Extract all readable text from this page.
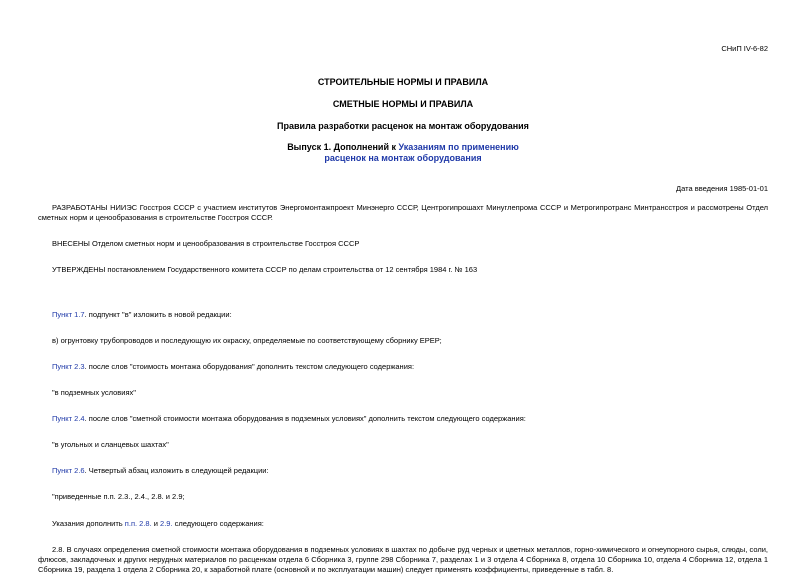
СНиП IV-6-82
СТРОИТЕЛЬНЫЕ НОРМЫ И ПРАВИЛА
СМЕТНЫЕ НОРМЫ И ПРАВИЛА
Правила разработки расценок на монтаж оборудования
Выпуск 1. Дополнений к Указаниям по применению
расценок на монтаж оборудования
Дата введения 1985-01-01

РАЗРАБОТАНЫ НИИЭС Госстроя СССР с участием институтов Энергомонтажпроект Минэнерго СССР, Центрогипрошахт Минуглепрома СССР и Метрогипротранс Минтрансстроя и рассмотрены Отдел сметных норм и ценообразования в строительстве Госстроя СССР.

ВНЕСЕНЫ Отделом сметных норм и ценообразования в строительстве Госстроя СССР

УТВЕРЖДЕНЫ постановлением Государственного комитета СССР по делам строительства от 12 сентября 1984 г. № 163

Пункт 1.7. подпункт "в" изложить в новой редакции:

в) огрунтовку трубопроводов и последующую их окраску, определяемые по соответствующему сборнику ЕРЕР;

Пункт 2.3. после слов "стоимость монтажа оборудования" дополнить текстом следующего содержания:

"в подземных условиях"

Пункт 2.4. после слов "сметной стоимости монтажа оборудования в подземных условиях" дополнить текстом следующего содержания:

"в угольных и сланцевых шахтах"

Пункт 2.6. Четвертый абзац изложить в следующей редакции:

"приведенные п.п. 2.3., 2.4., 2.8. и 2.9;

Указания дополнить п.п. 2.8. и 2.9. следующего содержания:

2.8. В случаях определения сметной стоимости монтажа оборудования в подземных условиях в шахтах по добыче руд черных и цветных металлов, горно-химического и огнеупорного сырья, слюды, соли, флюсов, закладочных и других нерудных материалов по расценкам отдела 6 Сборника 3, группе 298 Сборника 7, разделах 1 и 3 отдела 4 Сборника 8, отдела 10 Сборника 10, отдела 4 Сборника 12, отдела 1 Сборника 19, раздела 1 отдела 2 Сборника 20, к заработной плате (основной и по эксплуатации машин) следует применять коэффициенты, приведенные в табл. 8.
